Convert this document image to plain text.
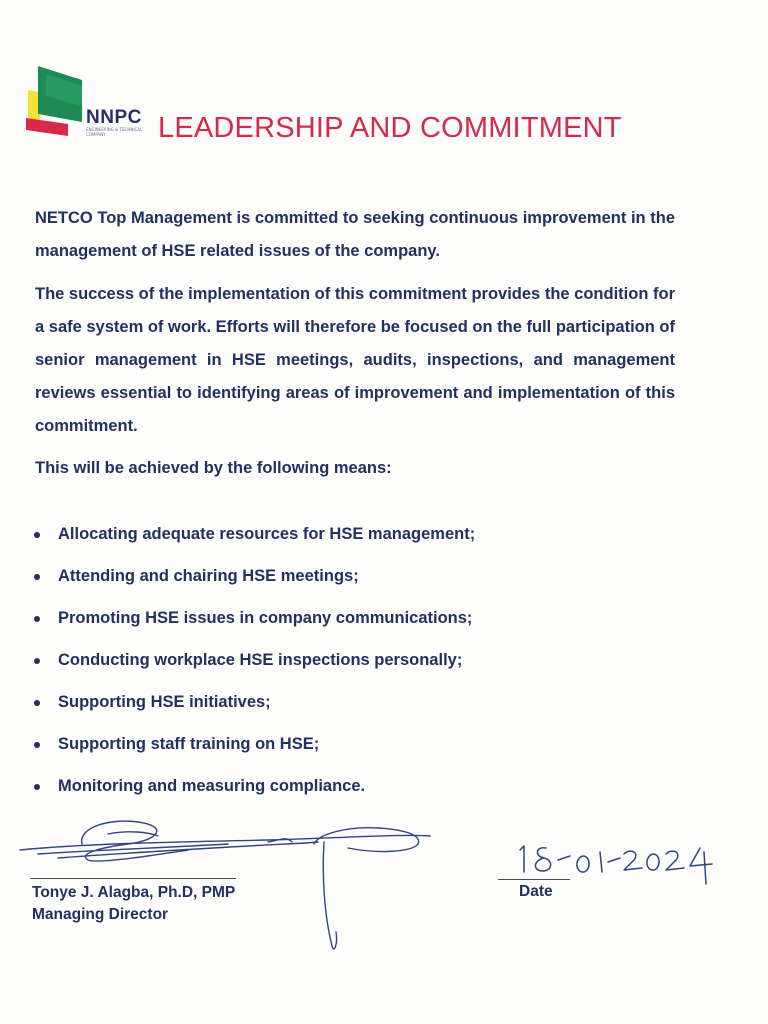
NNPC
ENGINEERING & TECHNICAL COMPANY	LEADERSHIP AND COMMITMENT

NETCO Top Management is committed to seeking continuous improvement in the management of HSE related issues of the company.

The success of the implementation of this commitment provides the condition for a safe system of work. Efforts will therefore be focused on the full participation of senior management in HSE meetings, audits, inspections, and management reviews essential to identifying areas of improvement and implementation of this commitment.

This will be achieved by the following means:

Allocating adequate resources for HSE management;
Attending and chairing HSE meetings;
Promoting HSE issues in company communications;
Conducting workplace HSE inspections personally;
Supporting HSE initiatives;
Supporting staff training on HSE;
Monitoring and measuring compliance.

Tonye J. Alagba, Ph.D, PMP
Managing Director

Date
